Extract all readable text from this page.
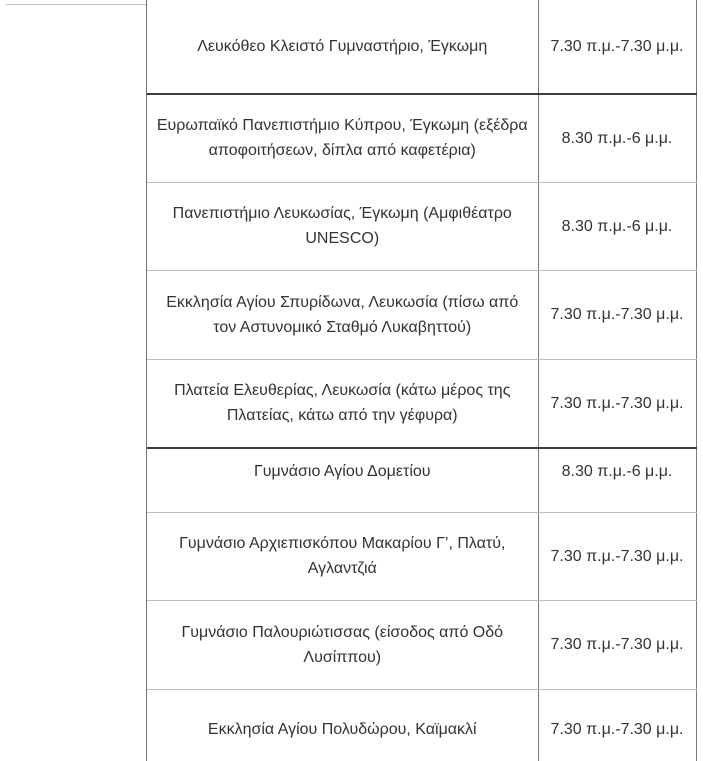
Λευκόθεο Κλειστό Γυμναστήριο, Έγκωμη	7.30 π.μ.-7.30 μ.μ.
Ευρωπαϊκό Πανεπιστήμιο Κύπρου, Έγκωμη (εξέδρα αποφοιτήσεων, δίπλα από καφετέρια)	8.30 π.μ.-6 μ.μ.
Πανεπιστήμιο Λευκωσίας, Έγκωμη (Αμφιθέατρο UNESCO)	8.30 π.μ.-6 μ.μ.
Εκκλησία Αγίου Σπυρίδωνα, Λευκωσία (πίσω από τον Αστυνομικό Σταθμό Λυκαβηττού)	7.30 π.μ.-7.30 μ.μ.
Πλατεία Ελευθερίας, Λευκωσία (κάτω μέρος της Πλατείας, κάτω από την γέφυρα)	7.30 π.μ.-7.30 μ.μ.
Γυμνάσιο Αγίου Δομετίου	8.30 π.μ.-6 μ.μ.
Γυμνάσιο Αρχιεπισκόπου Μακαρίου Γ’, Πλατύ, Αγλαντζιά	7.30 π.μ.-7.30 μ.μ.
Γυμνάσιο Παλουριώτισσας (είσοδος από Οδό Λυσίππου)	7.30 π.μ.-7.30 μ.μ.
Εκκλησία Αγίου Πολυδώρου, Καϊμακλί	7.30 π.μ.-7.30 μ.μ.
